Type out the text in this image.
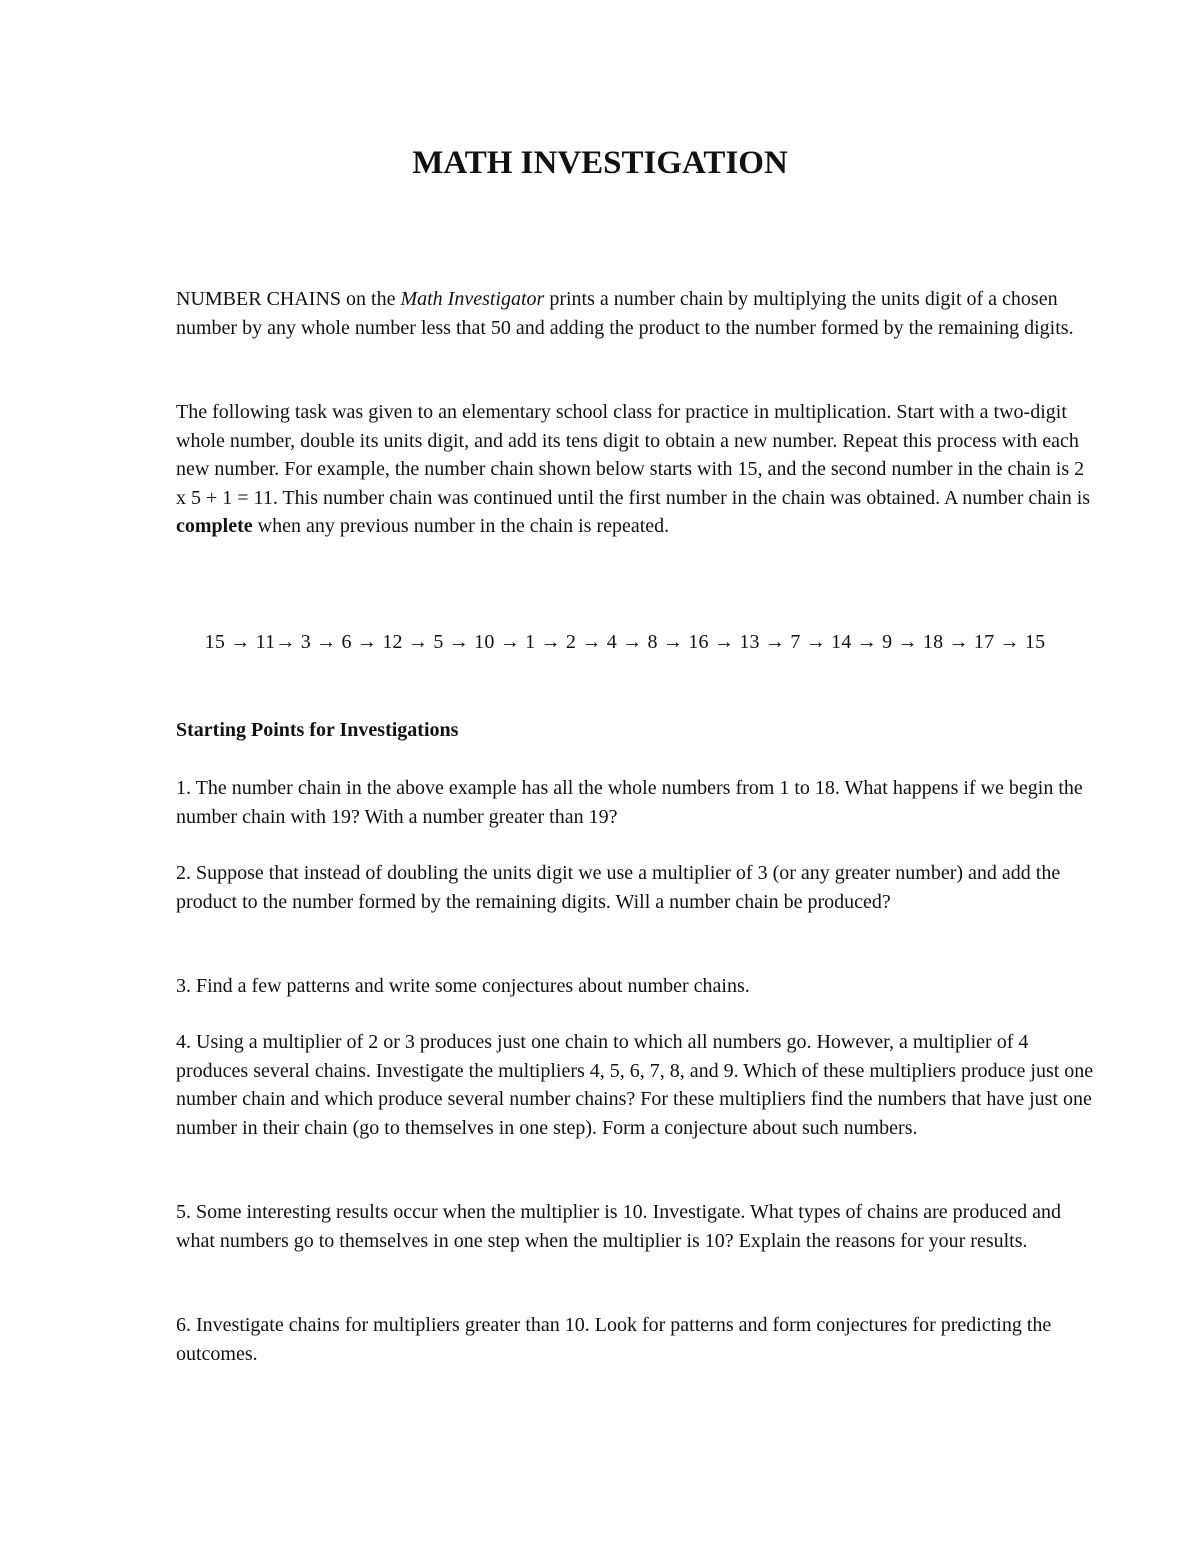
MATH INVESTIGATION

NUMBER CHAINS on the Math Investigator prints a number chain by multiplying the units digit of a chosen number by any whole number less that 50 and adding the product to the number formed by the remaining digits.

The following task was given to an elementary school class for practice in multiplication. Start with a two-digit whole number, double its units digit, and add its tens digit to obtain a new number. Repeat this process with each new number. For example, the number chain shown below starts with 15, and the second number in the chain is 2 x 5 + 1 = 11. This number chain was continued until the first number in the chain was obtained. A number chain is complete when any previous number in the chain is repeated.

15 → 11→ 3 → 6 → 12 → 5 → 10 → 1 → 2 → 4 → 8 → 16 → 13 → 7 → 14 → 9 → 18 → 17 → 15

Starting Points for Investigations

1. The number chain in the above example has all the whole numbers from 1 to 18. What happens if we begin the number chain with 19? With a number greater than 19?

2. Suppose that instead of doubling the units digit we use a multiplier of 3 (or any greater number) and add the product to the number formed by the remaining digits. Will a number chain be produced?

3. Find a few patterns and write some conjectures about number chains.

4. Using a multiplier of 2 or 3 produces just one chain to which all numbers go. However, a multiplier of 4 produces several chains. Investigate the multipliers 4, 5, 6, 7, 8, and 9. Which of these multipliers produce just one number chain and which produce several number chains? For these multipliers find the numbers that have just one number in their chain (go to themselves in one step). Form a conjecture about such numbers.

5. Some interesting results occur when the multiplier is 10. Investigate. What types of chains are produced and what numbers go to themselves in one step when the multiplier is 10? Explain the reasons for your results.

6. Investigate chains for multipliers greater than 10. Look for patterns and form conjectures for predicting the outcomes.
